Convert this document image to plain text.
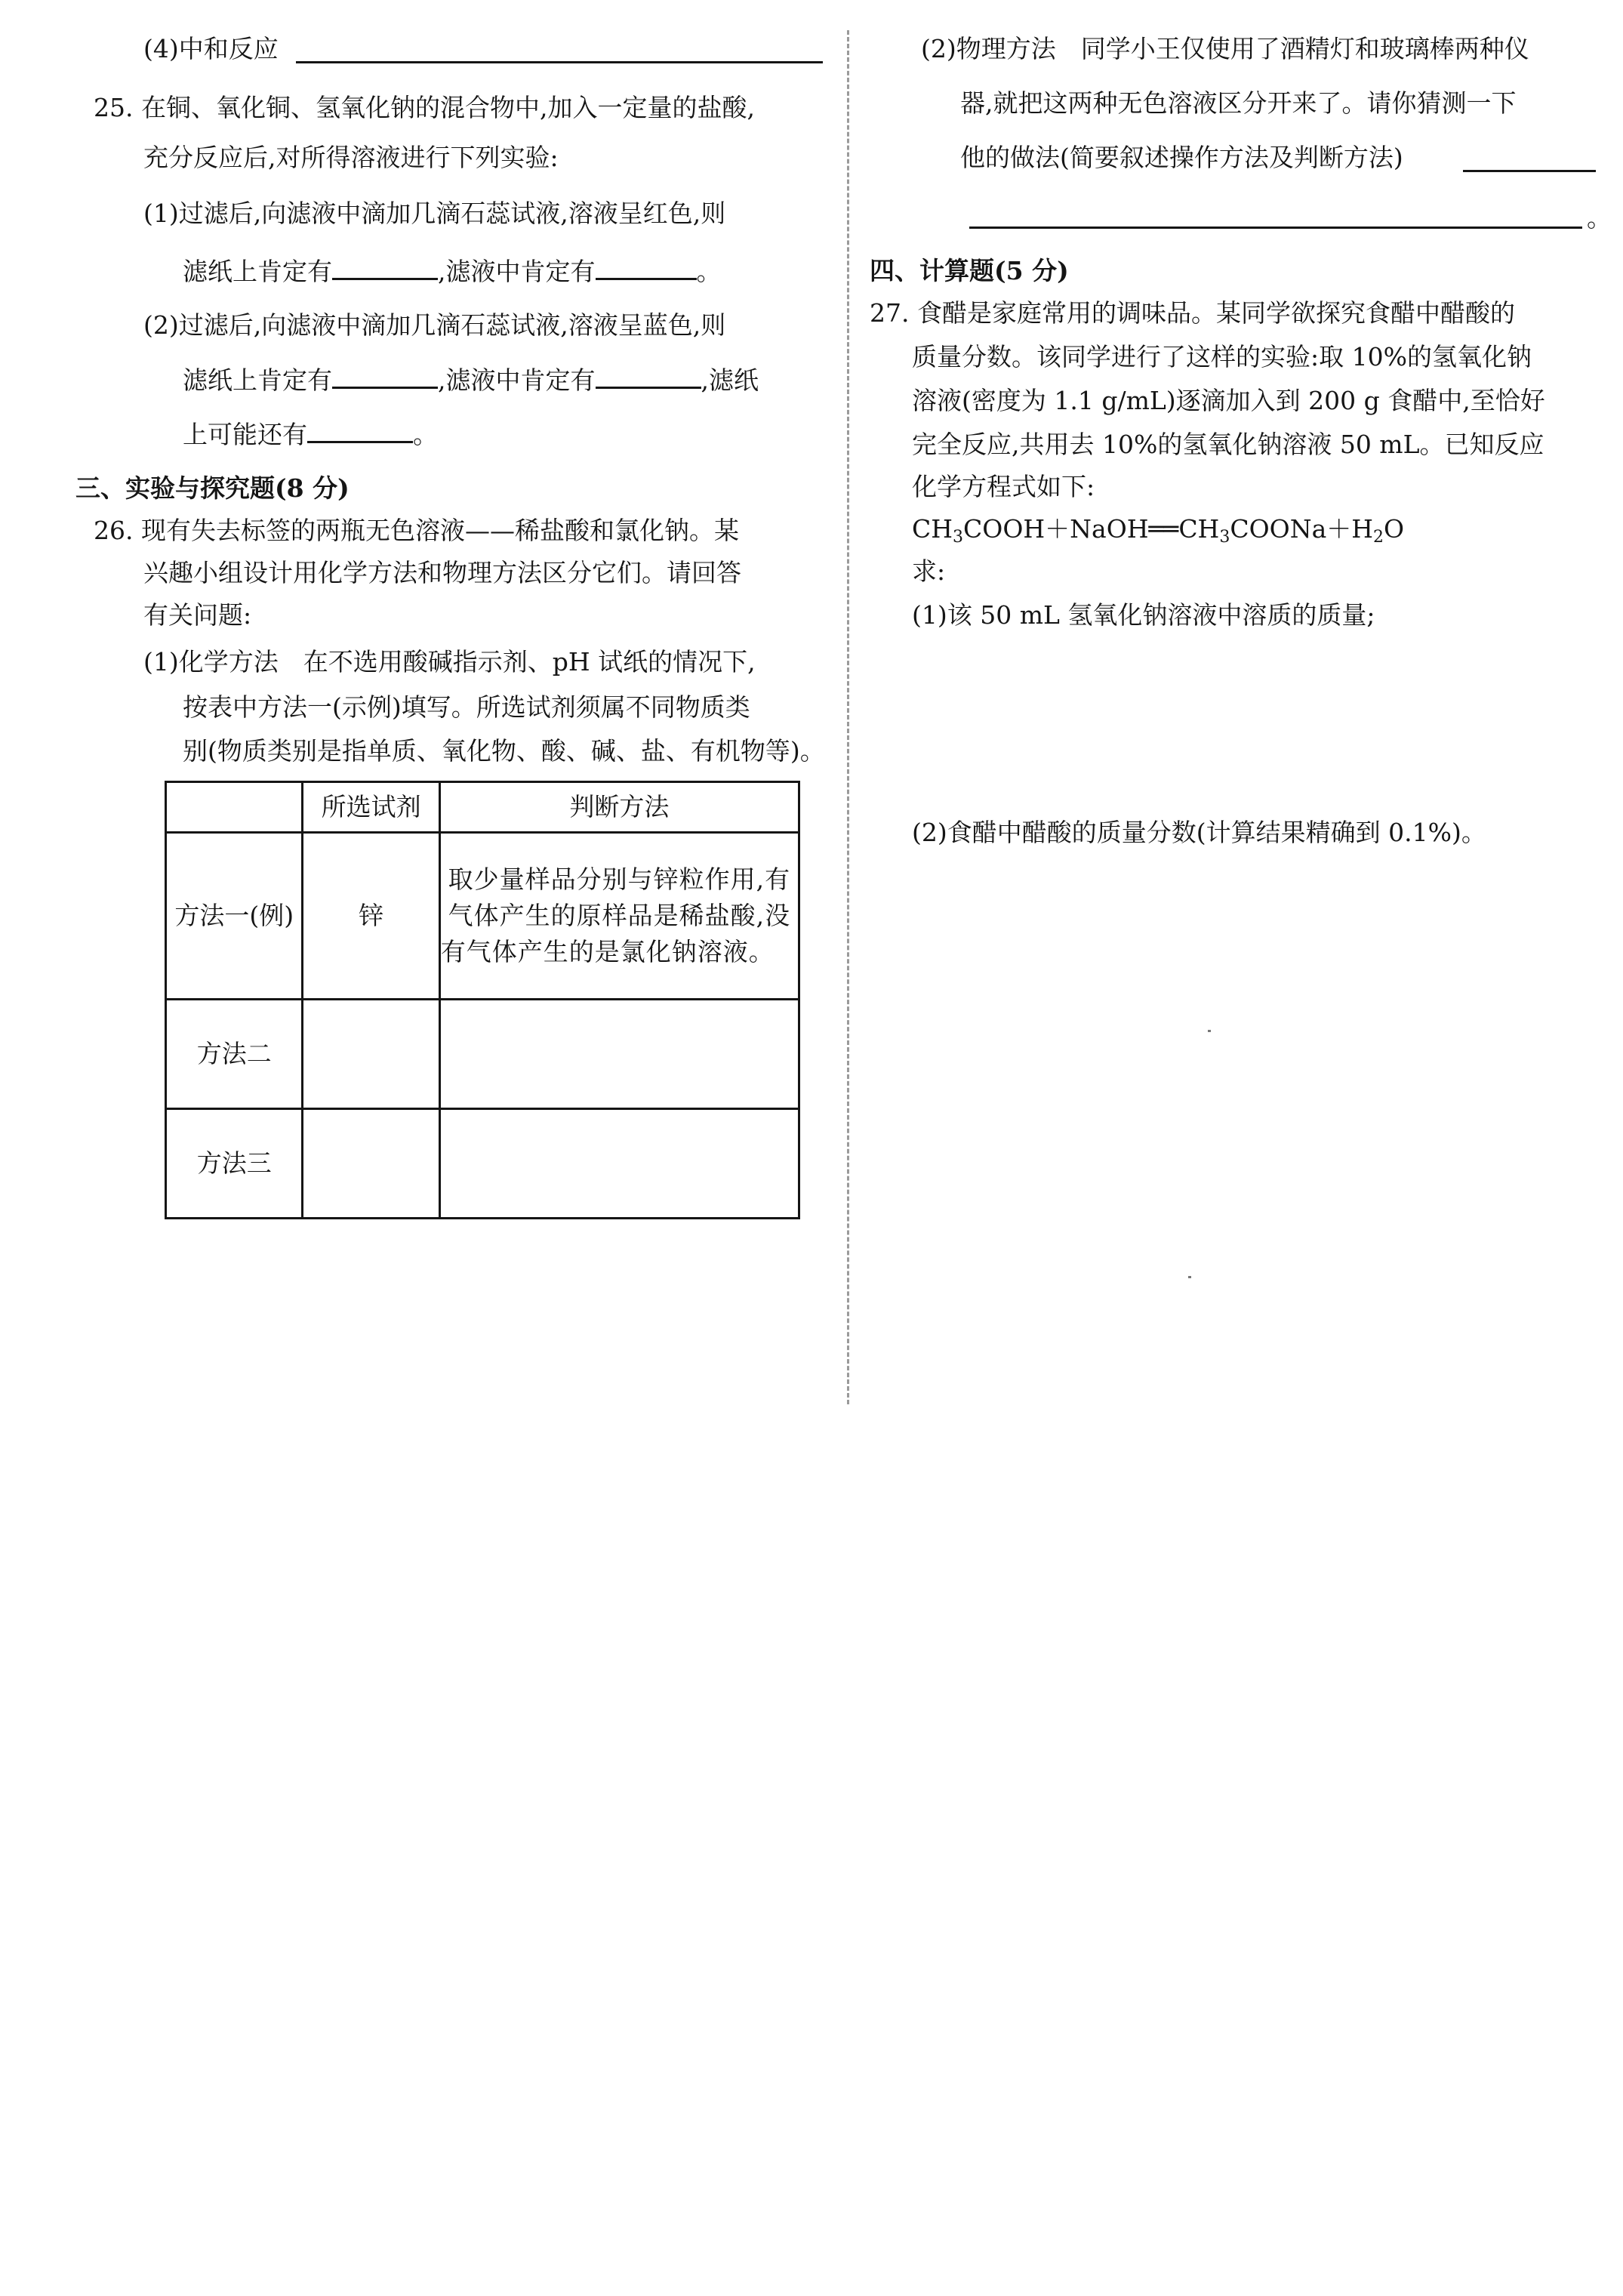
(4)中和反应
25. 在铜、氧化铜、氢氧化钠的混合物中,加入一定量的盐酸,
充分反应后,对所得溶液进行下列实验:
(1)过滤后,向滤液中滴加几滴石蕊试液,溶液呈红色,则
滤纸上肯定有	,滤液中肯定有	。
(2)过滤后,向滤液中滴加几滴石蕊试液,溶液呈蓝色,则
滤纸上肯定有	,滤液中肯定有	,滤纸
上可能还有	。
三、实验与探究题(8 分)
26. 现有失去标签的两瓶无色溶液——稀盐酸和氯化钠。某
兴趣小组设计用化学方法和物理方法区分它们。请回答
有关问题:
(1)化学方法　在不选用酸碱指示剂、pH 试纸的情况下,
按表中方法一(示例)填写。所选试剂须属不同物质类
别(物质类别是指单质、氧化物、酸、碱、盐、有机物等)。
	所选试剂	判断方法
方法一(例)	锌	取少量样品分别与锌粒作用,有气体产生的原样品是稀盐酸,没有气体产生的是氯化钠溶液。
方法二		
方法三		
(2)物理方法　同学小王仅使用了酒精灯和玻璃棒两种仪
器,就把这两种无色溶液区分开来了。请你猜测一下
他的做法(简要叙述操作方法及判断方法)
。
四、计算题(5 分)
27. 食醋是家庭常用的调味品。某同学欲探究食醋中醋酸的
质量分数。该同学进行了这样的实验:取 10%的氢氧化钠
溶液(密度为 1.1 g/mL)逐滴加入到 200 g 食醋中,至恰好
完全反应,共用去 10%的氢氧化钠溶液 50 mL。已知反应
化学方程式如下:
$CH_3COOH+NaOH══CH_3COONa+H_2O$
求:
(1)该 50 mL 氢氧化钠溶液中溶质的质量;
(2)食醋中醋酸的质量分数(计算结果精确到 0.1%)。
